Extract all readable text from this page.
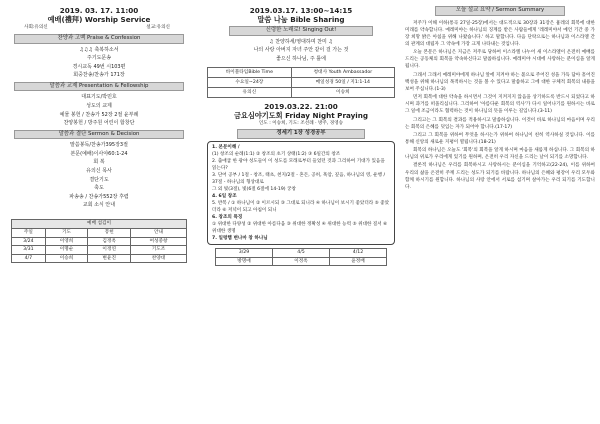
2019. 03. 17. 11:00
예배(禮拜) Worship Service
사회:유의신	설교:유의신
찬양과 고백 Praise & Confession
♫♫♫ 축복하소서
주기도문송
경시교독 49번 시103편
회중찬송/찬송가 171장
말씀과 교제 Presentation & Fellowship
대표기도/박민호
성도의 교제
예물 봉헌 / 찬송가 52장 2절 윤부례
찬양봉헌 / 방주원 어린이 합창단
말씀과 결단 Sermon & Decision
말씀봉독/찬송가395장3절
본문(예배)이사야60:1-24
회 복
유의신 목사
결단기도
축도
파송송 / 찬송가552장 후렴
교회 소식 안내
예배 섬김이			
주일	기도	봉헌	안내
3/24	이영희	김정옥	여성중창
3/31	이명순	이정연	기도조
4/7	이승희	변윤진	찬양대
2019.03.17. 13:00~14:15
말씀 나눔 Bible Sharing
신령한 노래로! Singing Out!
♫ 찬양하세/영대하며 찬미 ♫
나의 사랑 아버지 자녀 주안 같이 걸 가는 것
좋으신 하나님, 주 틀에
바이블타임Bible Time	청대사 Youth Ambassador
수요일~24장	매일성경 50일 / 지1:1-14
유의신	이승희
2019.03.22. 21:00
금요심야기도회 Friday Night Praying
인도 : 이승희, 기도: 조선례 · 방주, 경영승
정세기 1장 성경공부

1. 본문이해 /

(1) 창조의 순례(1:1) ② 창조의 초기 상태(1:2) ③ 6일간의 창조

2. 출애굽 한 광야 성도들이 이 성도를 모래로부터 들었던 것과 그리하여 기대가 있음을 읽는다?

3. 단어 공부 / 1절 - 창조, 태초, 천지/2절 - 혼돈, 공허, 흑암, 깊음, 하나님의 영, 운행 / 37절 - 하나님의 형상대로

그 외 빛(3절), 빛(6절 6절에 14-19) 궁창

4. 6일 창조

5. 반복 / ① 하나님이 ② 이르시되 ③ 그대로 되니라 ④ 하나님이 보시기 좋았더라 ⑤ 좋았더라 ⑥ 저녁이 되고 아침이 되니

6. 창조의 특징

① 위대한 다양성 ② 위대한 아름다움 ③ 위대한 정확성 ④ 위대한 능력 ⑤ 위대한 질서 ⑥ 위대한 생명

7. 일렁햄 변나마 창 하나님

3/29	4/5	4/12
방명애	이정옥	윤정배
오늘 설교 요약 / Sermon Summary

저주가 이해 이하(통곡 27일-25장)에서는 대도적으로 30장과 31장은 흉레의 회복에 대한 미래를 약속합니다. 예레미야는 하나님의 징계를 받은 사람들에게 '레레미야서 예언 기간 중 가장 희망 밝은 아침을 위해 나왔습니다.' 하고 말합니다. 다음 단락으로는 하나님과 이스라엘 간의 관계의 대립자 그 약속에 가장 크게 나타내는 것입니다.

오늘 본문은 하나님은 지금은 저주로 당하여 이스라엘 나누어 새 이스라엘이 온전히 예배를 드리는 공동체의 회복을 약속하신다고 말씀하십니다. 예레미야 시대에 사랑하는 분이심을 알게 됩니다.

그래서 그래서 예레미야에게 하나님 앞에 지켜야 하는 몫으로 주어진 성을 가득 담아 흩어진 백성을 위해 하나님의 목적하시는 것을 볼 수 있다고 말씀하고 그에 대한 구체적 회복의 내용을 보여 주십니다.(1-3)

먼저 회복에 대한 약속을 하시면서 그것이 지켜지지 않음을 상기하도록 반드시 되었다고 하시며 과거를 떠올리십니다. 그리하여 '아름다운 회복의 역사'가 다시 일어나기를 원하시는 바로 그 일에 조금이라도 협력하는 것이 하나님의 뜻을 이루는 길입니다.(3-11)

그리고는 그 회복의 결과를 적용하시고 말씀하십니다. 이것이 바로 하나님의 마음이며 우리는 회복의 은혜를 덧입는 자가 되어야 합니다.(17-17)

그리고 그 회복을 위하여 무엇을 하시는가 위하여 하나님이 친히 역사하실 것입니다. 이를 통해 신앙의 새로운 지평이 열립니다.(18-21)

회복의 하나님은 오늘도 '회복'의 회복을 알게 하시며 마음을 새롭게 하십니다. 그 회복의 하나님의 위로가 우리에게 있기를 원하며, 온전히 우리 자신을 드리는 날이 되기를 소망합니다.

결론적 하나님은 우리를 회복하시고 사랑하시는 분이심을 기억하고(22-24), 이를 위하여 우리의 삶을 온전히 주께 드리는 성도가 되기를 바랍니다. 하나님의 은혜와 평강이 우리 모두와 함께 하시기를 원합니다. 하나님의 사랑 안에서 서로를 섬기며 살아가는 우리 되기를 기도합니다.
